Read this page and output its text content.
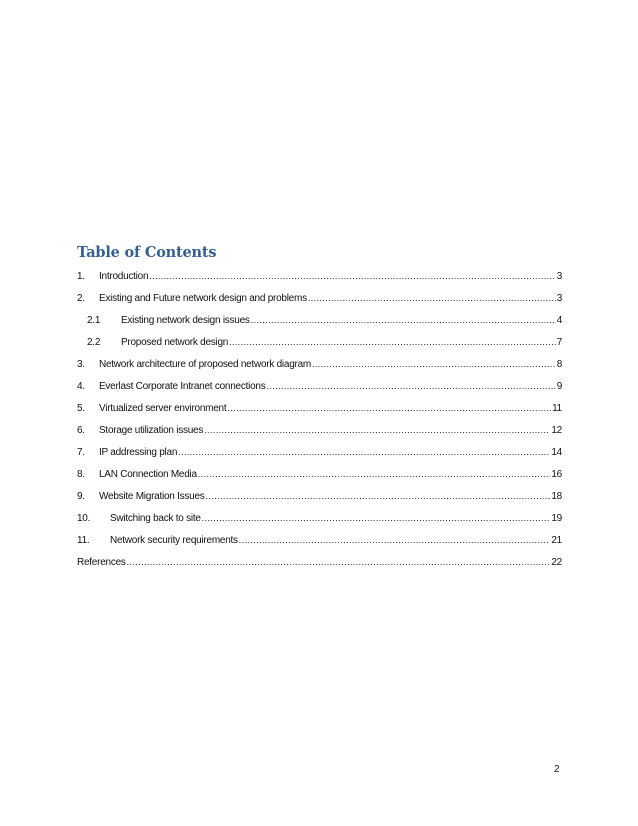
Table of Contents
1.	Introduction .....	3
2.	Existing and Future network design and problems .....	3
2.1	Existing network design issues .....	4
2.2	Proposed network design .....	7
3.	Network architecture of proposed network diagram .....	8
4.	Everlast Corporate Intranet connections .....	9
5.	Virtualized server environment .....	11
6.	Storage utilization issues .....	12
7.	IP addressing plan .....	14
8.	LAN Connection Media .....	16
9.	Website Migration Issues .....	18
10.	Switching back to site .....	19
11.	Network security requirements .....	21
References .....	22
2
